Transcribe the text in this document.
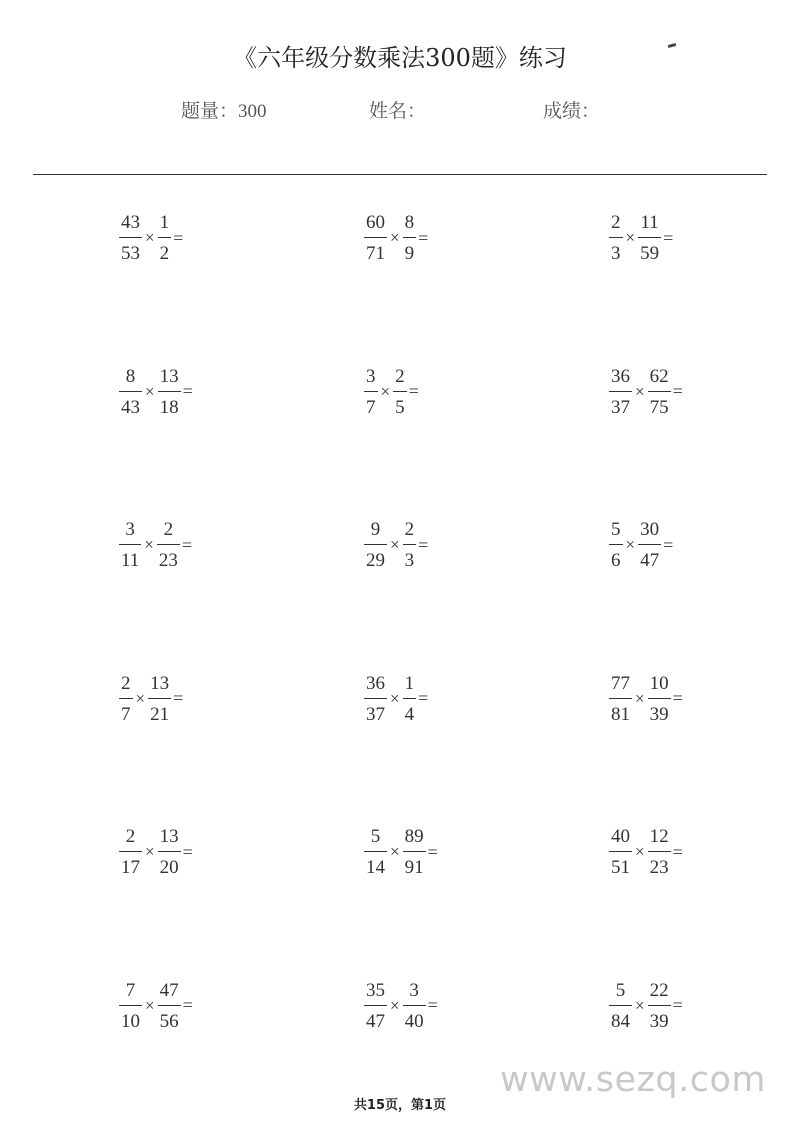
《六年级分数乘法300题》练习
题量：300	姓名：	成绩：
$\frac{43}{53} \times \frac{1}{2}$ =	$\frac{60}{71} \times \frac{8}{9}$ =	$\frac{2}{3} \times \frac{11}{59}$ =
$\frac{8}{43} \times \frac{13}{18}$ =	$\frac{3}{7} \times \frac{2}{5}$ =	$\frac{36}{37} \times \frac{62}{75}$ =
$\frac{3}{11} \times \frac{2}{23}$ =	$\frac{9}{29} \times \frac{2}{3}$ =	$\frac{5}{6} \times \frac{30}{47}$ =
$\frac{2}{7} \times \frac{13}{21}$ =	$\frac{36}{37} \times \frac{1}{4}$ =	$\frac{77}{81} \times \frac{10}{39}$ =
$\frac{2}{17} \times \frac{13}{20}$ =	$\frac{5}{14} \times \frac{89}{91}$ =	$\frac{40}{51} \times \frac{12}{23}$ =
$\frac{7}{10} \times \frac{47}{56}$ =	$\frac{35}{47} \times \frac{3}{40}$ =	$\frac{5}{84} \times \frac{22}{39}$ =
www.sezq.com
共15页，第1页
